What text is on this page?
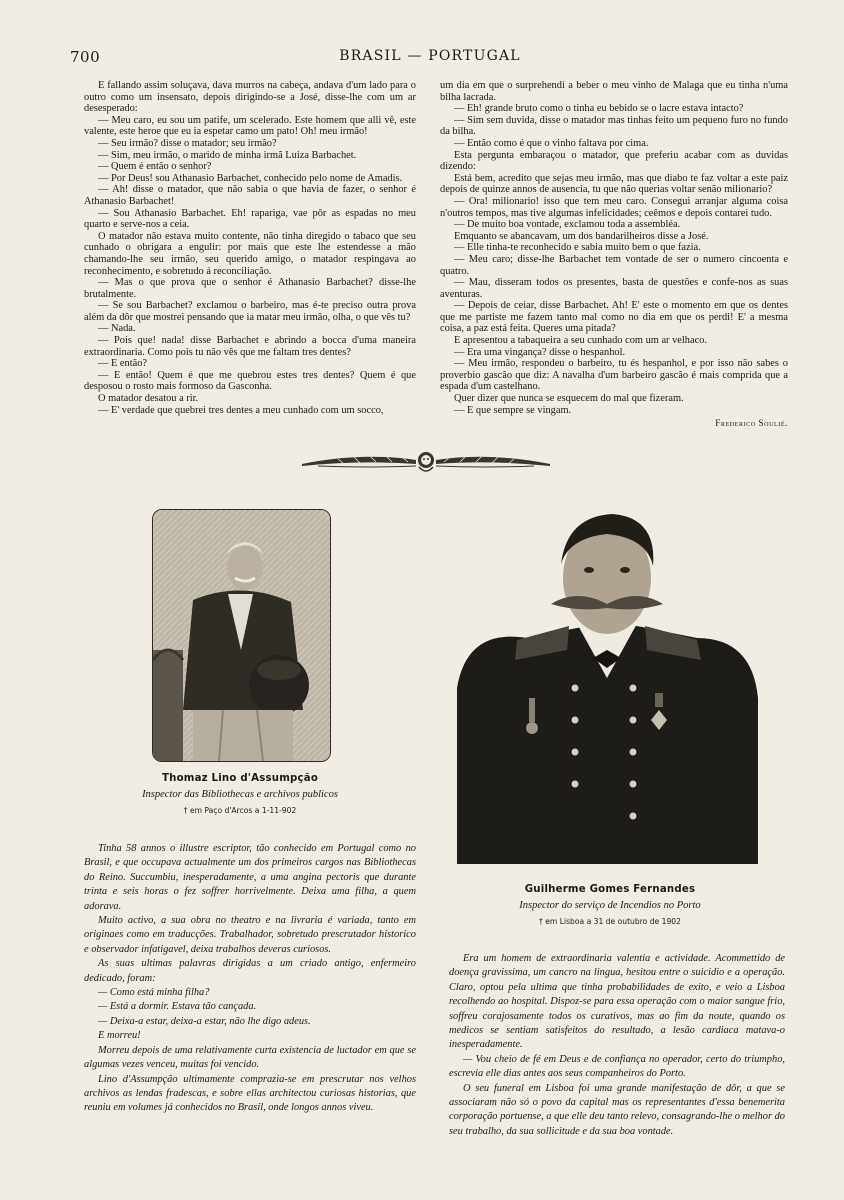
700	BRASIL — PORTUGAL

E fallando assim soluçava, dava murros na cabeça, andava d'um lado para o outro como um insensato, depois dirigindo-se a José, disse-lhe com um ar desesperado:

— Meu caro, eu sou um patife, um scelerado. Este homem que alli vê, este valente, este heroe que eu ia espetar camo um pato! Oh! meu irmão!

— Seu irmão? disse o matador; seu irmão?

— Sim, meu irmão, o marido de minha irmã Luiza Barbachet.

— Quem é então o senhor?

— Por Deus! sou Athanasio Barbachet, conhecido pelo nome de Amadis.

— Ah! disse o matador, que não sabia o que havia de fazer, o senhor é Athanasio Barbachet!

— Sou Athanasio Barbachet. Eh! raparigа, vae pôr as espadas no meu quarto e serve-nos a ceia.

O matador não estava muito contente, não tinha diregido o tabaco que seu cunhado o obrigara a engulir: por mais que este lhe estendesse a mão chamando-lhe seu irmão, seu querido amigo, o matador respingava ao reconhecimento, e sobretudo á reconciliação.

— Mas o que prova que o senhor é Athanasio Barbachet? disse-lhe brutalmente.

— Se sou Barbachet? exclamou o barbeiro, mas é-te preciso outra prova além da dôr que mostrei pensando que ia matar meu irmão, olha, o que vês tu?

— Nada.

— Pois que! nada! disse Barbachet e abrindo a bocca d'uma maneira extraordinaria. Como pois tu não vês que me faltam tres dentes?

— E então?

— E então! Quem é que me quebrou estes tres dentes? Quem é que desposou o rosto mais formoso da Gasconha.

O matador desatou a rir.

— E' verdade que quebrei tres dentes a meu cunhado com um socco,

um dia em que o surprehendi a beber o meu vinho de Malaga que eu tinha n'uma bilha lacrada.

— Eh! grande bruto como o tinha eu bebido se o lacre estava intacto?

— Sim sem duvida, disse o matador mas tinhas feito um pequeno furo no fundo da bilha.

— Então como é que o vinho faltava por cima.

Esta pergunta embaraçou o matador, que preferiu acabar com as duvidas dizendo:

Está bem, acredito que sejas meu irmão, mas que diabo te faz voltar a este paiz depois de quinze annos de ausencia, tu que não querias voltar senão milionario?

— Ora! milionario! isso que tem meu caro. Consegui arranjar alguma coisa n'outros tempos, mas tive algumas infelicidades; ceêmos e depois contarei tudo.

— De muito boa vontade, exclamou toda a assembléa.

Emquanto se abancavam, um dos bandarilheiros disse a José.

— Elle tinha-te reconhecido e sabia muito bem o que fazia.

— Meu caro; disse-lhe Barbachet tem vontade de ser o numero cincoenta e quatro.

— Mau, disseram todos os presentes, basta de questões e confe-nos as suas aventuras.

— Depois de ceiar, disse Barbachet. Ah! E' este o momento em que os dentes que me partiste me fazem tanto mal como no dia em que os perdi! E' a mesma coisa, a paz está feita. Queres uma pitada?

E apresentou a tabaqueira a seu cunhado com um ar velhaco.

— Era uma vingança? disse o hespanhol.

— Meu irmão, respondeu o barbeiro, tu és hespanhol, e por isso não sabes o proverbio gascão que diz: A navalha d'um barbeiro gascão é mais comprida que a espada d'um castelhano.

Quer dizer que nunca se esquecem do mal que fizeram.

— E que sempre se vingam.

Frederico Soulié.
Thomaz Lino d'Assumpção
Inspector das Bibliothecas e archivos publicos
† em Paço d'Arcos a 1-11-902
Guilherme Gomes Fernandes
Inspector do serviço de Incendios no Porto
† em Lisboa a 31 de outubro de 1902

Tinha 58 annos o illustre escriptor, tão conhecido em Portugal como no Brasil, e que occupava actualmente um dos primeiros cargos nas Bibliothecas do Reino. Succumbiu, inesperadamente, a uma angina pectoris que durante trinta e seis horas o fez soffrer horrivelmente. Deixa uma filha, a quem adorava.

Muito activo, a sua obra no theatro e na livraria é variada, tanto em originaes como em traducções. Trabalhador, sobretudo prescrutador historico e observador infatigavel, deixa trabalhos deveras curiosos.

As suas ultimas palavras dirigidas a um criado antigo, enfermeiro dedicado, foram:

— Como está minha filha?

— Está a dormir. Estava tão cançada.

— Deixa-a estar, deixa-a estar, não lhe digo adeus.

E morreu!

Morreu depois de uma relativamente curta existencia de luctador em que se algumas vezes venceu, muitas foi vencido.

Lino d'Assumpção ultimamente comprazia-se em prescrutar nos velhos archivos as lendas fradescas, e sobre ellas architectou curiosas historias, que reuniu em volumes já conhecidos no Brasil, onde longos annos viveu.

Era um homem de extraordinaria valentia e actividade. Acommettido de doença gravissima, um cancro na lingua, hesitou entre o suicidio e a operação. Claro, optou pela ultima que tinha probabilidades de exito, e veio a Lisboa recolhendo ao hospital. Dispoz-se para essa operação com o maior sangue frio, soffreu corajosamente todos os curativos, mas ao fim da noute, quando os medicos se sentiam satisfeitos do resultado, a lesão cardiaca matava-o inesperadamente.

— Vou cheio de fé em Deus e de confiança no operador, certo do triumpho, escrevia elle dias antes aos seus companheiros do Porto.

O seu funeral em Lisboa foi uma grande manifestação de dôr, a que se associaram não só o povo da capital mas os representantes d'essa benemerita corporação portuense, a que elle deu tanto relevo, consagrando-lhe o melhor do seu trabalho, da sua sollicitude e da sua boa vontade.
